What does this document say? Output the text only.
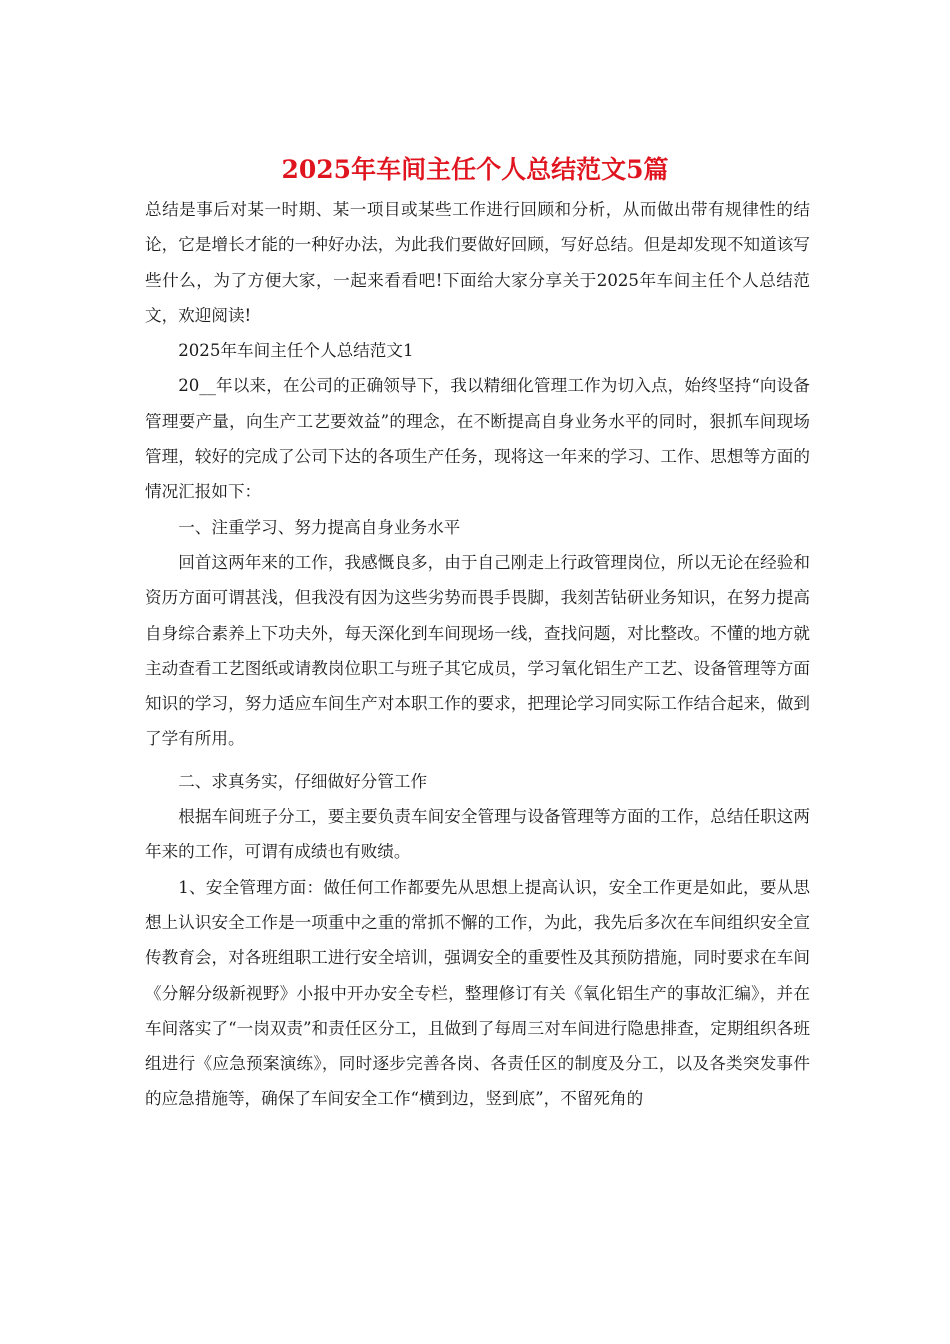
2025年车间主任个人总结范文5篇

总结是事后对某一时期、某一项目或某些工作进行回顾和分析，从而做出带有规律性的结论，它是增长才能的一种好办法，为此我们要做好回顾，写好总结。但是却发现不知道该写些什么，为了方便大家，一起来看看吧!下面给大家分享关于2025年车间主任个人总结范文，欢迎阅读!

2025年车间主任个人总结范文1

20__年以来，在公司的正确领导下，我以精细化管理工作为切入点，始终坚持“向设备管理要产量，向生产工艺要效益”的理念，在不断提高自身业务水平的同时，狠抓车间现场管理，较好的完成了公司下达的各项生产任务，现将这一年来的学习、工作、思想等方面的情况汇报如下：

一、注重学习、努力提高自身业务水平

回首这两年来的工作，我感慨良多，由于自己刚走上行政管理岗位，所以无论在经验和资历方面可谓甚浅，但我没有因为这些劣势而畏手畏脚，我刻苦钻研业务知识，在努力提高自身综合素养上下功夫外，每天深化到车间现场一线，查找问题，对比整改。不懂的地方就主动查看工艺图纸或请教岗位职工与班子其它成员，学习氧化铝生产工艺、设备管理等方面知识的学习，努力适应车间生产对本职工作的要求，把理论学习同实际工作结合起来，做到了学有所用。

二、求真务实，仔细做好分管工作

根据车间班子分工，要主要负责车间安全管理与设备管理等方面的工作，总结任职这两年来的工作，可谓有成绩也有败绩。

1、安全管理方面：做任何工作都要先从思想上提高认识，安全工作更是如此，要从思想上认识安全工作是一项重中之重的常抓不懈的工作，为此，我先后多次在车间组织安全宣传教育会，对各班组职工进行安全培训，强调安全的重要性及其预防措施，同时要求在车间《分解分级新视野》小报中开办安全专栏，整理修订有关《氧化铝生产的事故汇编》，并在车间落实了“一岗双责”和责任区分工，且做到了每周三对车间进行隐患排查，定期组织各班组进行《应急预案演练》，同时逐步完善各岗、各责任区的制度及分工，以及各类突发事件的应急措施等，确保了车间安全工作“横到边，竖到底”，不留死角的
